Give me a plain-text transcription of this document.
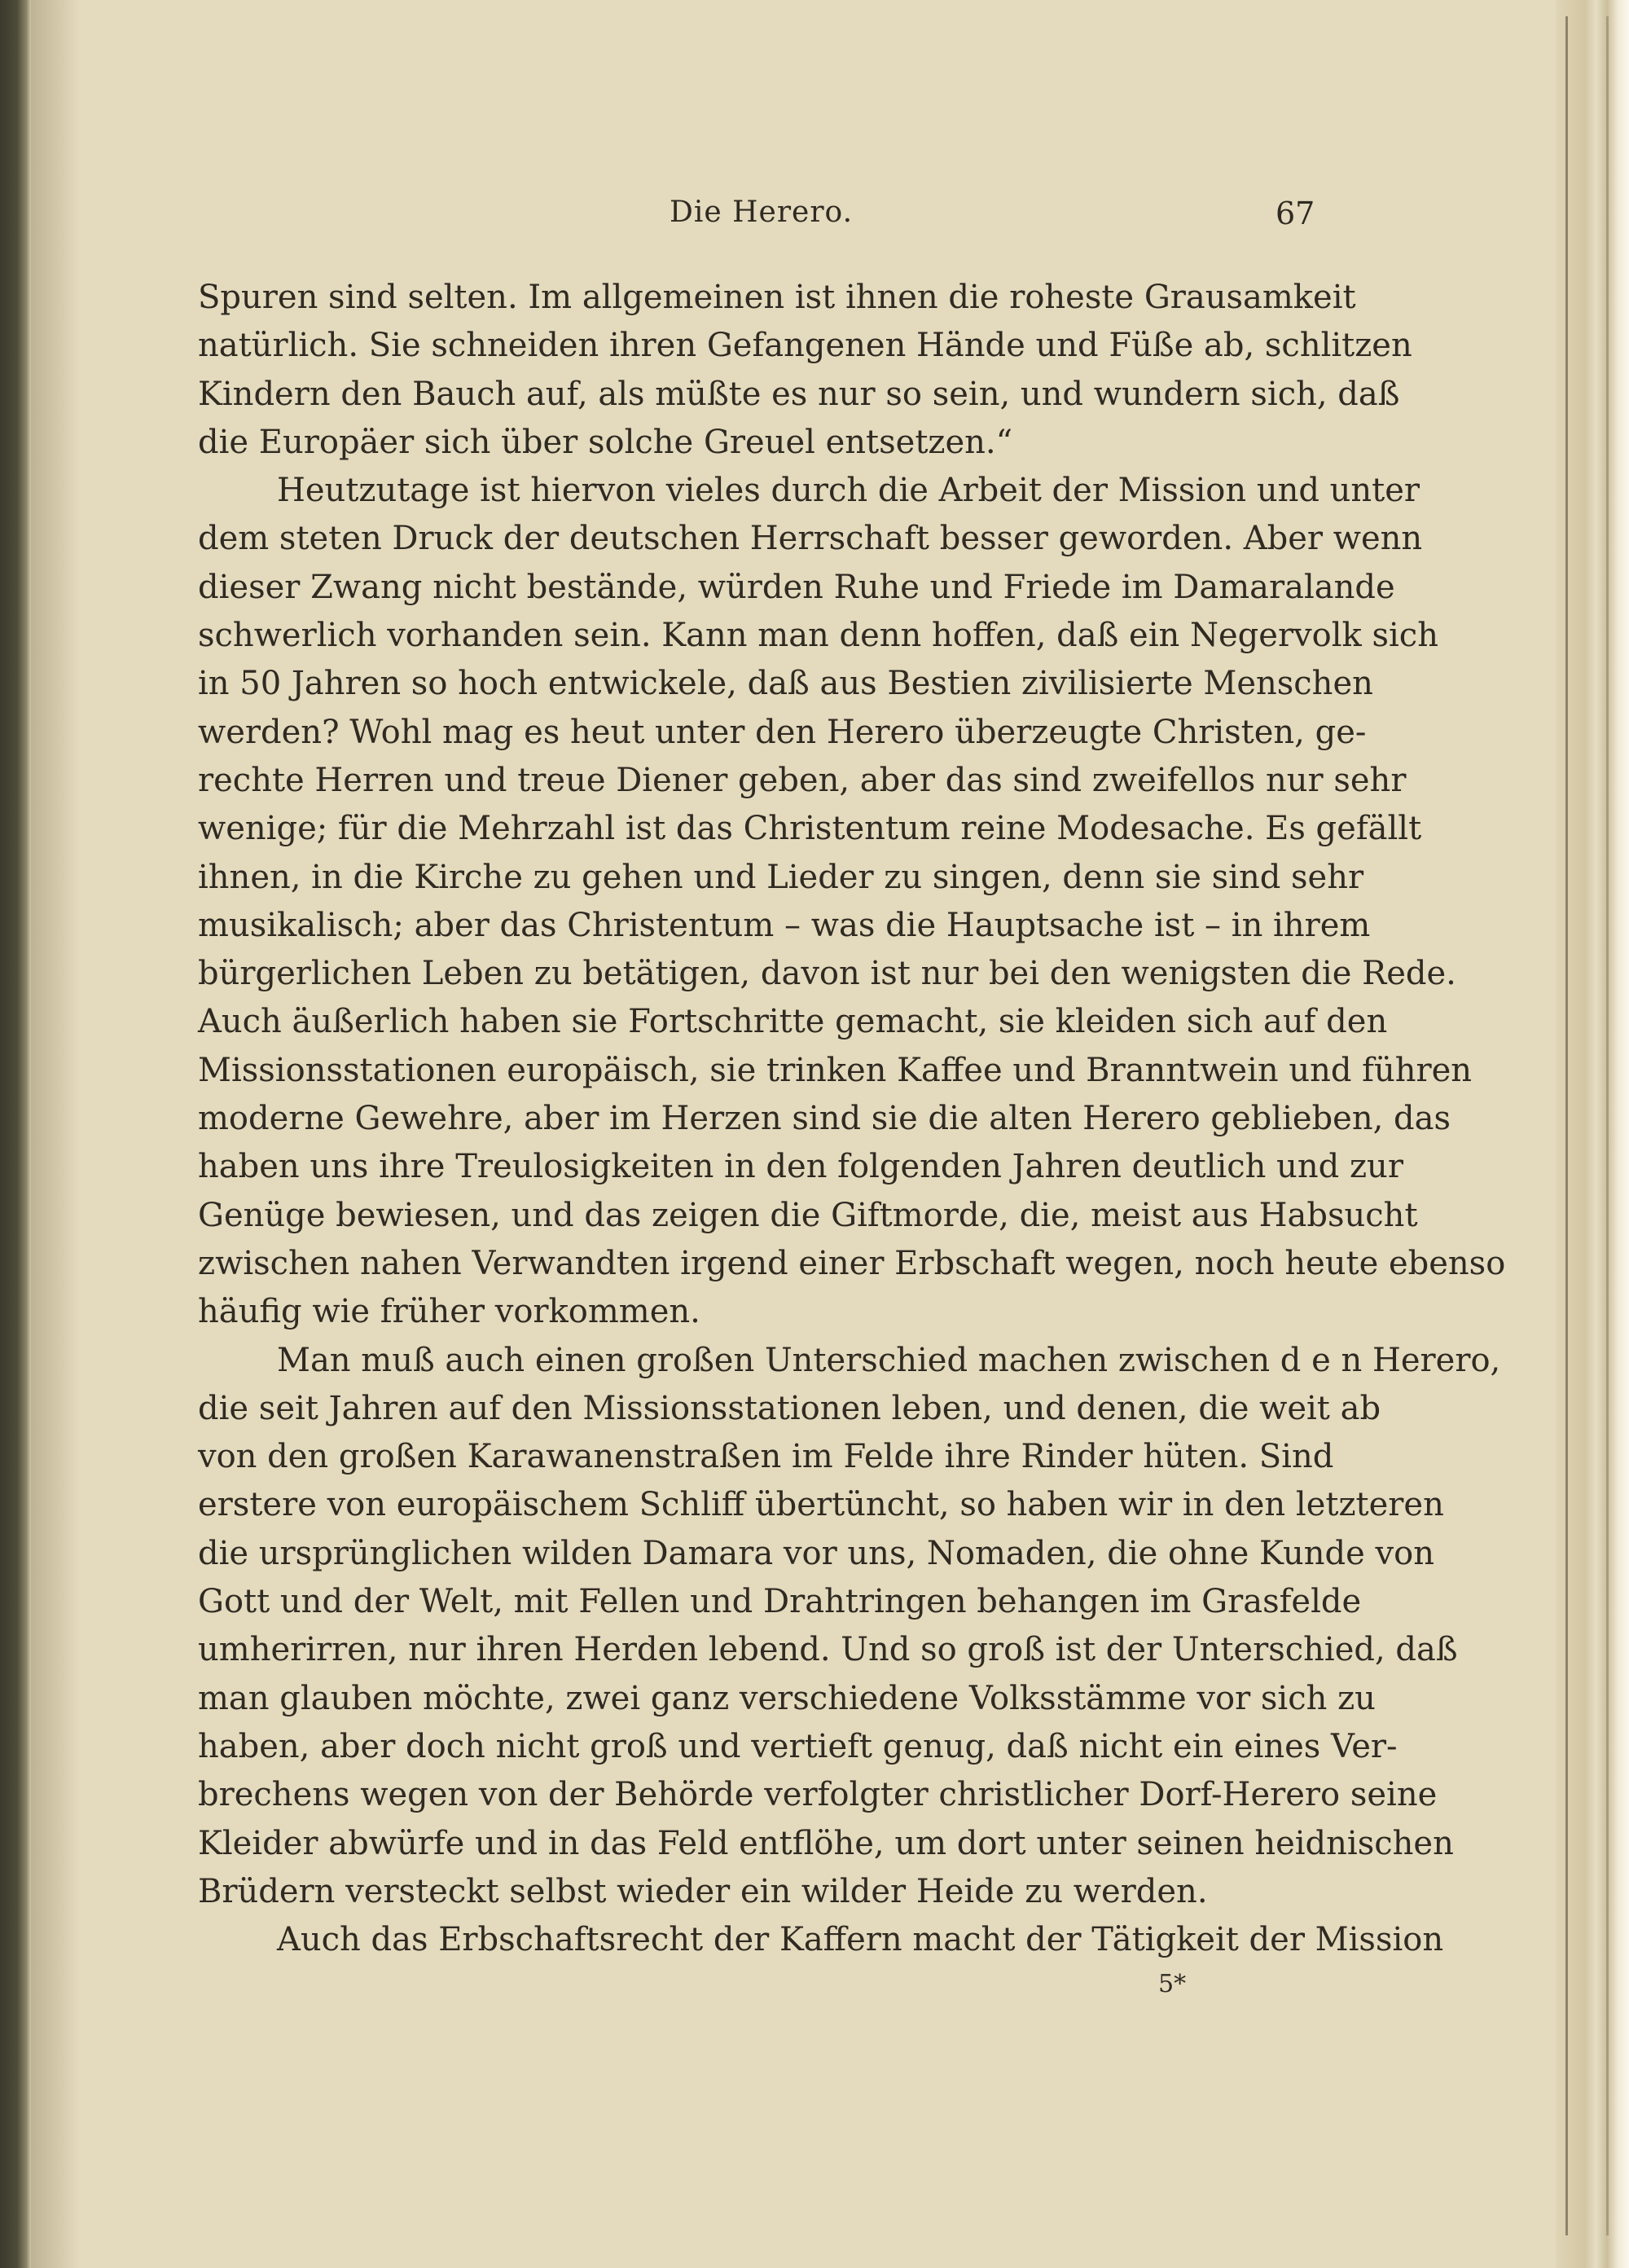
Die Herero.	67
Spuren sind selten. Im allgemeinen ist ihnen die roheste Grausamkeit
natürlich. Sie schneiden ihren Gefangenen Hände und Füße ab, schlitzen
Kindern den Bauch auf, als müßte es nur so sein, und wundern sich, daß
die Europäer sich über solche Greuel entsetzen.“
Heutzutage ist hiervon vieles durch die Arbeit der Mission und unter
dem steten Druck der deutschen Herrschaft besser geworden. Aber wenn
dieser Zwang nicht bestände, würden Ruhe und Friede im Damaralande
schwerlich vorhanden sein. Kann man denn hoffen, daß ein Negervolk sich
in 50 Jahren so hoch entwickele, daß aus Bestien zivilisierte Menschen
werden? Wohl mag es heut unter den Herero überzeugte Christen, ge-
rechte Herren und treue Diener geben, aber das sind zweifellos nur sehr
wenige; für die Mehrzahl ist das Christentum reine Modesache. Es gefällt
ihnen, in die Kirche zu gehen und Lieder zu singen, denn sie sind sehr
musikalisch; aber das Christentum – was die Hauptsache ist – in ihrem
bürgerlichen Leben zu betätigen, davon ist nur bei den wenigsten die Rede.
Auch äußerlich haben sie Fortschritte gemacht, sie kleiden sich auf den
Missionsstationen europäisch, sie trinken Kaffee und Branntwein und führen
moderne Gewehre, aber im Herzen sind sie die alten Herero geblieben, das
haben uns ihre Treulosigkeiten in den folgenden Jahren deutlich und zur
Genüge bewiesen, und das zeigen die Giftmorde, die, meist aus Habsucht
zwischen nahen Verwandten irgend einer Erbschaft wegen, noch heute ebenso
häufig wie früher vorkommen.
Man muß auch einen großen Unterschied machen zwischen d e n Herero,
die seit Jahren auf den Missionsstationen leben, und denen, die weit ab
von den großen Karawanenstraßen im Felde ihre Rinder hüten. Sind
erstere von europäischem Schliff übertüncht, so haben wir in den letzteren
die ursprünglichen wilden Damara vor uns, Nomaden, die ohne Kunde von
Gott und der Welt, mit Fellen und Drahtringen behangen im Grasfelde
umherirren, nur ihren Herden lebend. Und so groß ist der Unterschied, daß
man glauben möchte, zwei ganz verschiedene Volksstämme vor sich zu
haben, aber doch nicht groß und vertieft genug, daß nicht ein eines Ver-
brechens wegen von der Behörde verfolgter christlicher Dorf-Herero seine
Kleider abwürfe und in das Feld entflöhe, um dort unter seinen heidnischen
Brüdern versteckt selbst wieder ein wilder Heide zu werden.
Auch das Erbschaftsrecht der Kaffern macht der Tätigkeit der Mission
5*
